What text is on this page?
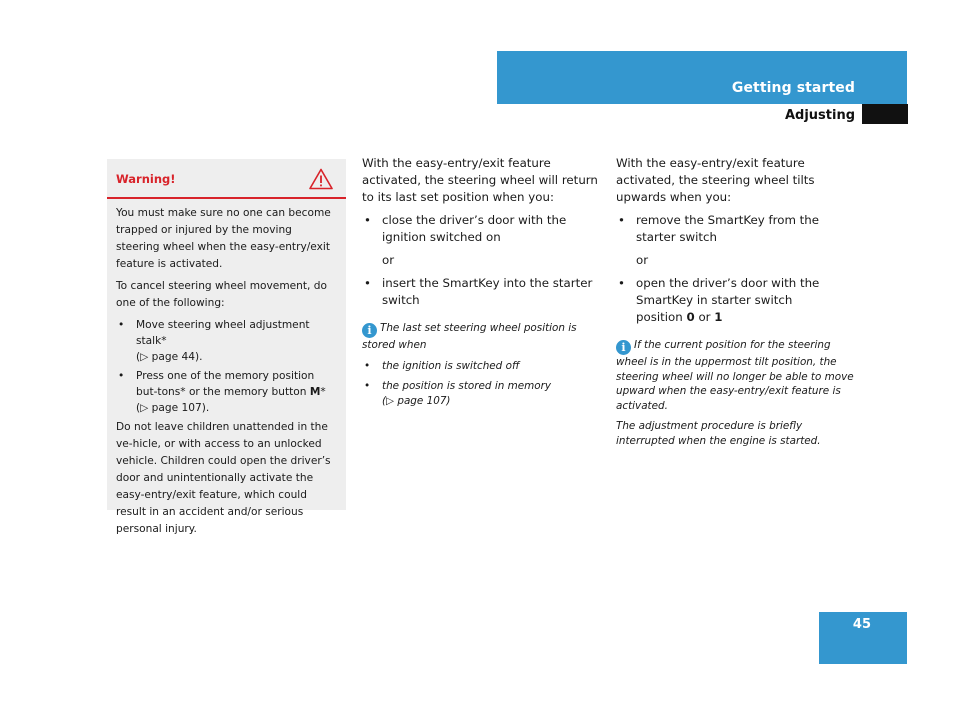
Getting started
Adjusting
Warning!

You must make sure no one can become trapped or injured by the moving steering wheel when the easy-entry/exit feature is activated.

To cancel steering wheel movement, do one of the following:

• Move steering wheel adjustment stalk*
(▷ page 44).
• Press one of the memory position but-tons* or the memory button M*
(▷ page 107).

Do not leave children unattended in the ve-hicle, or with access to an unlocked vehicle. Children could open the driver’s door and unintentionally activate the easy-entry/exit feature, which could result in an accident and/or serious personal injury.

With the easy-entry/exit feature activated, the steering wheel will return to its last set position when you:

• close the driver’s door with the ignition switched on
or
• insert the SmartKey into the starter switch
i The last set steering wheel position is stored when
• the ignition is switched off
• the position is stored in memory
(▷ page 107)

With the easy-entry/exit feature activated, the steering wheel tilts upwards when you:

• remove the SmartKey from the starter switch
or
• open the driver’s door with the SmartKey in starter switch
position 0 or 1
i If the current position for the steering wheel is in the uppermost tilt position, the steering wheel will no longer be able to move upward when the easy-entry/exit feature is activated.

The adjustment procedure is briefly interrupted when the engine is started.

45
